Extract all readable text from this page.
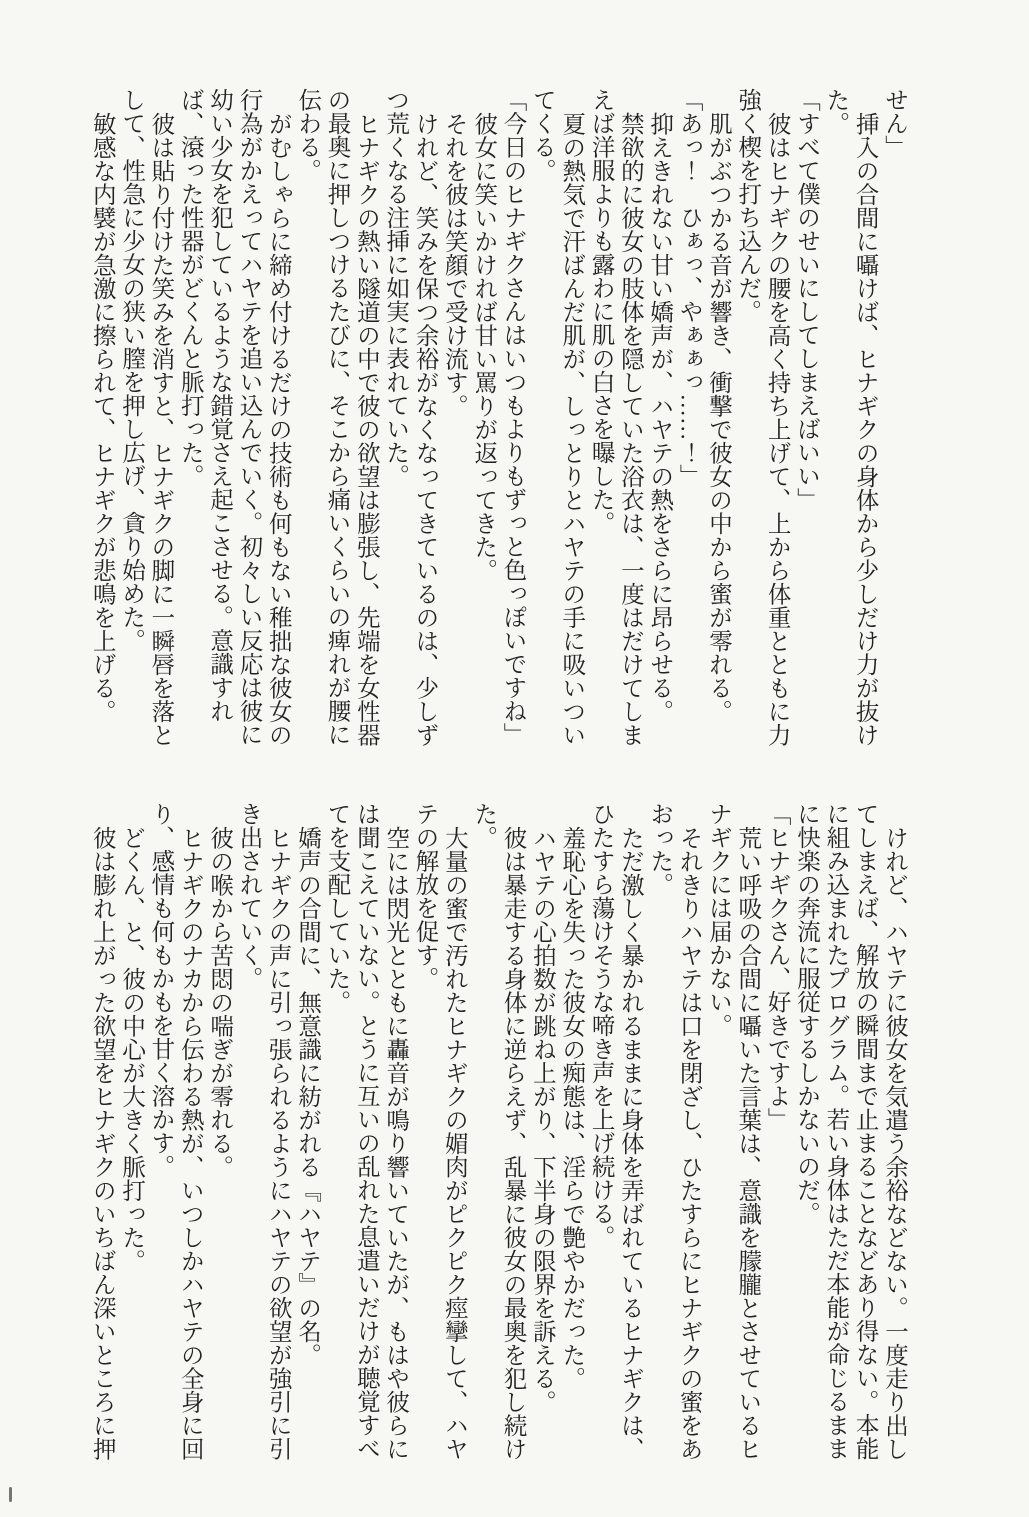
せん」

挿入の合間に囁けば、ヒナギクの身体から少しだけ力が抜けた。

「すべて僕のせいにしてしまえばいい」

彼はヒナギクの腰を高く持ち上げて、上から体重とともに力強く楔を打ち込んだ。

肌がぶつかる音が響き、衝撃で彼女の中から蜜が零れる。

「あっ！　ひぁっ、やぁぁっ……！」

抑えきれない甘い嬌声が、ハヤテの熱をさらに昂らせる。

禁欲的に彼女の肢体を隠していた浴衣は、一度はだけてしまえば洋服よりも露わに肌の白さを曝した。

夏の熱気で汗ばんだ肌が、しっとりとハヤテの手に吸いついてくる。

「今日のヒナギクさんはいつもよりもずっと色っぽいですね」

彼女に笑いかければ甘い罵りが返ってきた。

それを彼は笑顔で受け流す。

けれど、笑みを保つ余裕がなくなってきているのは、少しずつ荒くなる注挿に如実に表れていた。

ヒナギクの熱い隧道の中で彼の欲望は膨張し、先端を女性器の最奥に押しつけるたびに、そこから痛いくらいの痺れが腰に伝わる。

がむしゃらに締め付けるだけの技術も何もない稚拙な彼女の行為がかえってハヤテを追い込んでいく。初々しい反応は彼に幼い少女を犯しているような錯覚さえ起こさせる。意識すれば、滾った性器がどくんと脈打った。

彼は貼り付けた笑みを消すと、ヒナギクの脚に一瞬唇を落として、性急に少女の狭い膣を押し広げ、貪り始めた。

敏感な内襞が急激に擦られて、ヒナギクが悲鳴を上げる。

けれど、ハヤテに彼女を気遣う余裕などない。一度走り出してしまえば、解放の瞬間まで止まることなどあり得ない。本能に組み込まれたプログラム。若い身体はただ本能が命じるままに快楽の奔流に服従するしかないのだ。

「ヒナギクさん、好きですよ」

荒い呼吸の合間に囁いた言葉は、意識を朦朧とさせているヒナギクには届かない。

それきりハヤテは口を閉ざし、ひたすらにヒナギクの蜜をあおった。

ただ激しく暴かれるままに身体を弄ばれているヒナギクは、ひたすら蕩けそうな啼き声を上げ続ける。

羞恥心を失った彼女の痴態は、淫らで艶やかだった。

ハヤテの心拍数が跳ね上がり、下半身の限界を訴える。

彼は暴走する身体に逆らえず、乱暴に彼女の最奥を犯し続けた。

大量の蜜で汚れたヒナギクの媚肉がピクピク痙攣して、ハヤテの解放を促す。

空には閃光とともに轟音が鳴り響いていたが、もはや彼らには聞こえていない。とうに互いの乱れた息遣いだけが聴覚すべてを支配していた。

嬌声の合間に、無意識に紡がれる『ハヤテ』の名。

ヒナギクの声に引っ張られるようにハヤテの欲望が強引に引き出されていく。

彼の喉から苦悶の喘ぎが零れる。

ヒナギクのナカから伝わる熱が、いつしかハヤテの全身に回り、感情も何もかもを甘く溶かす。

どくん、と、彼の中心が大きく脈打った。

彼は膨れ上がった欲望をヒナギクのいちばん深いところに押
